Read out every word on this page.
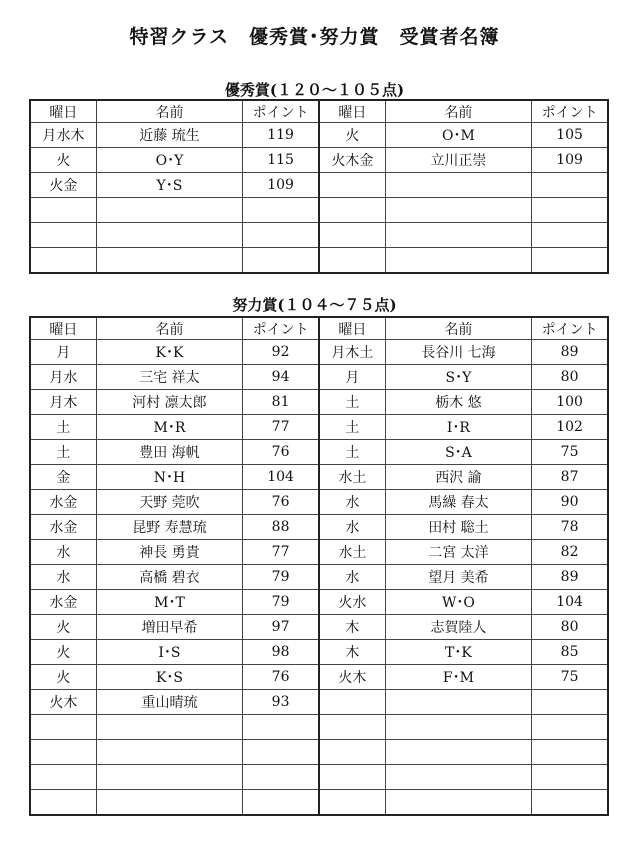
特習クラス　優秀賞･努力賞　受賞者名簿
優秀賞(１２０～１０５点)
曜日	名前	ポイント	曜日	名前	ポイント
月水木	近藤 琉生	119	火	O･M	105
火	O･Y	115	火木金	立川正崇	109
火金	Y･S	109			

努力賞(１０４～７５点)
曜日	名前	ポイント	曜日	名前	ポイント
月	K･K	92	月木土	長谷川 七海	89
月水	三宅 祥太	94	月	S･Y	80
月木	河村 凛太郎	81	土	栃木 悠	100
土	M･R	77	土	I･R	102
土	豊田 海帆	76	土	S･A	75
金	N･H	104	水土	西沢 諭	87
水金	天野 莞吹	76	水	馬繰 春太	90
水金	昆野 寿慧琉	88	水	田村 聡土	78
水	神長 勇貴	77	水土	二宮 太洋	82
水	高橋 碧衣	79	水	望月 美希	89
水金	M･T	79	火水	W･O	104
火	増田早希	97	木	志賀陸人	80
火	I･S	98	木	T･K	85
火	K･S	76	火木	F･M	75
火木	重山晴琉	93			
